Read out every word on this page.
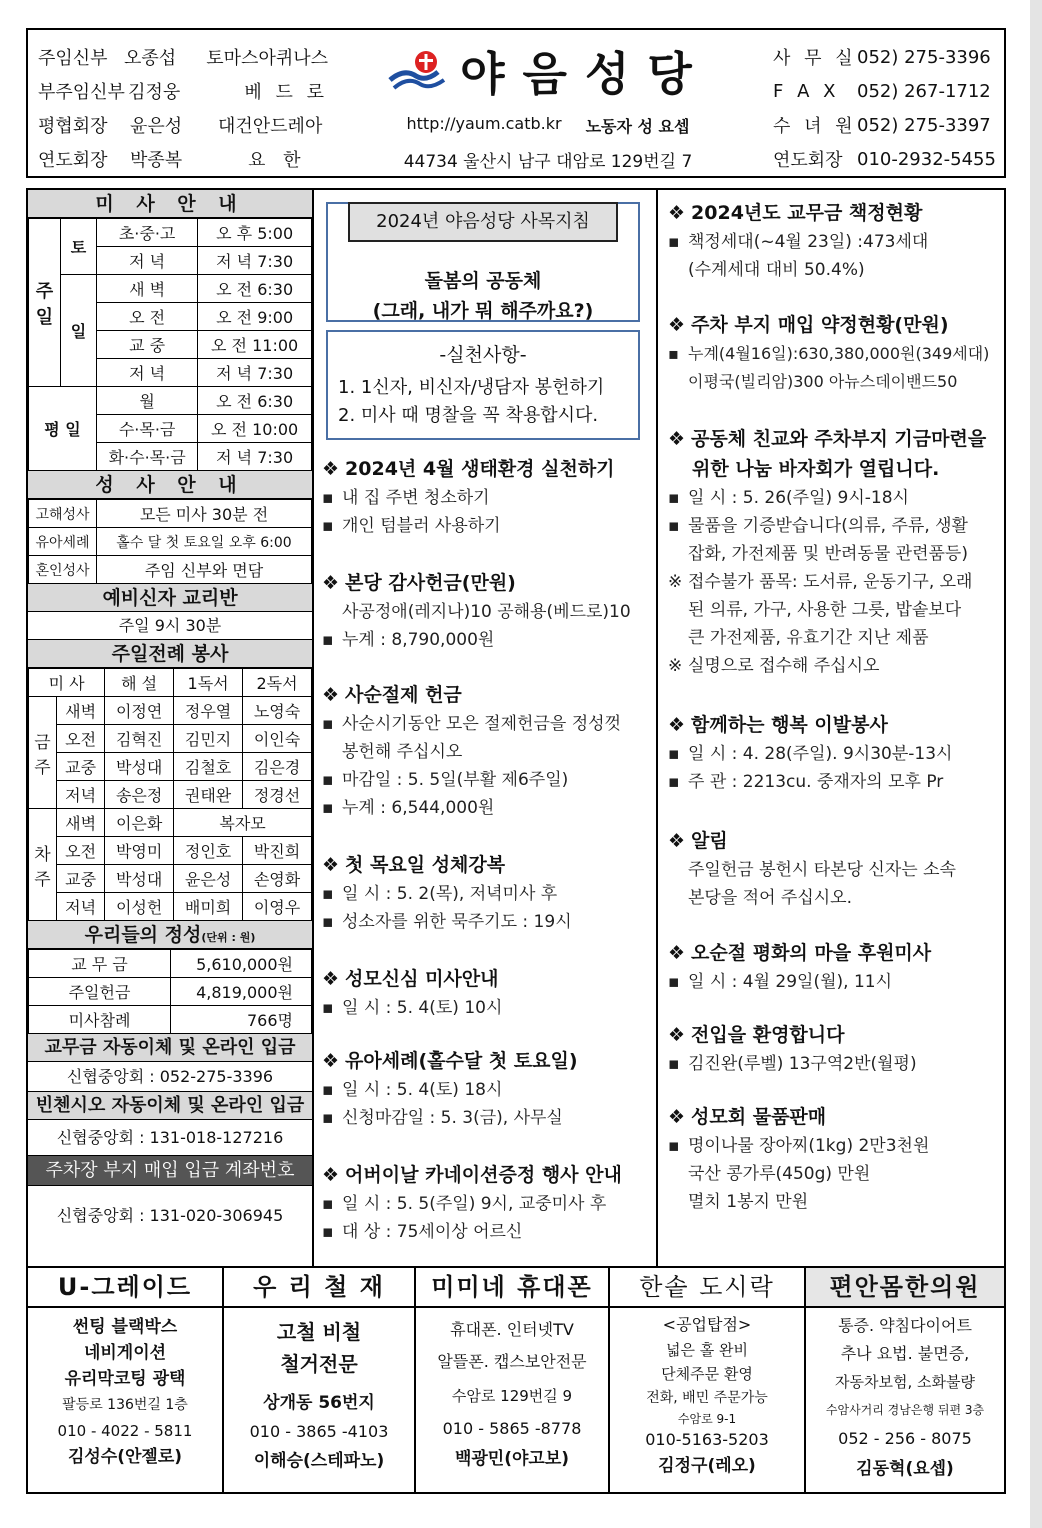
주임신부 오종섭	토마스아퀴나스
부주임신부 김정웅	베 드 로
평협회장	윤은성	대건안드레아
연도회장	박종복	요 한
야음성당
http://yaum.catb.kr 노동자 성 요셉
44734 울산시 남구 대암로 129번길 7
사 무 실 052) 275-3396
F A X 052) 267-1712
수 녀 원 052) 275-3397
연도회장 010-2932-5455
미 사 안 내
주일	토	초·중·고	오 후 5:00
		저 녁	저 녁 7:30
	일	새 벽	오 전 6:30
		오 전	오 전 9:00
		교 중	오 전 11:00
		저 녁	저 녁 7:30
평 일		월	오 전 6:30
		수·목·금	오 전 10:00
		화·수·목·금	저 녁 7:30
성 사 안 내
고해성사	모든 미사 30분 전
유아세례	홀수 달 첫 토요일 오후 6:00
혼인성사	주임 신부와 면담
예비신자 교리반
주일 9시 30분
주일전례 봉사
미 사		해 설	1독서	2독서
금주	새벽	이정연	정우열	노영숙
	오전	김혁진	김민지	이인숙
	교중	박성대	김철호	김은경
	저녁	송은정	권태완	정경선
차주	새벽	이은화	복자모	
	오전	박영미	정인호	박진희
	교중	박성대	윤은성	손영화
	저녁	이성헌	배미희	이영우
우리들의 정성(단위 : 원)
교 무 금	5,610,000원
주일헌금	4,819,000원
미사참례	766명
교무금 자동이체 및 온라인 입금
신협중앙회 : 052-275-3396
빈첸시오 자동이체 및 온라인 입금
신협중앙회 : 131-018-127216
주차장 부지 매입 입금 계좌번호
신협중앙회 : 131-020-306945
2024년 야음성당 사목지침
돌봄의 공동체
(그래, 내가 뭐 해주까요?)
-실천사항-
1. 1신자, 비신자/냉담자 봉헌하기
2. 미사 때 명찰을 꼭 착용합시다.
❖ 2024년 4월 생태환경 실천하기
▪ 내 집 주변 청소하기
▪ 개인 텀블러 사용하기
❖ 본당 감사헌금(만원)
사공정애(레지나)10 공해용(베드로)10
▪ 누계 : 8,790,000원
❖ 사순절제 헌금
▪ 사순시기동안 모은 절제헌금을 정성껏
봉헌해 주십시오
▪ 마감일 : 5. 5일(부활 제6주일)
▪ 누계 : 6,544,000원
❖ 첫 목요일 성체강복
▪ 일 시 : 5. 2(목), 저녁미사 후
▪ 성소자를 위한 묵주기도 : 19시
❖ 성모신심 미사안내
▪ 일 시 : 5. 4(토) 10시
❖ 유아세례(홀수달 첫 토요일)
▪ 일 시 : 5. 4(토) 18시
▪ 신청마감일 : 5. 3(금), 사무실
❖ 어버이날 카네이션증정 행사 안내
▪ 일 시 : 5. 5(주일) 9시, 교중미사 후
▪ 대 상 : 75세이상 어르신
❖ 2024년도 교무금 책정현황
▪ 책정세대(~4월 23일) :473세대
(수계세대 대비 50.4%)
❖ 주차 부지 매입 약정현황(만원)
▪ 누계(4월16일):630,380,000원(349세대)
이평국(빌리암)300 아뉴스데이밴드50
❖ 공동체 친교와 주차부지 기금마련을
위한 나눔 바자회가 열립니다.
▪ 일 시 : 5. 26(주일) 9시-18시
▪ 물품을 기증받습니다(의류, 주류, 생활
잡화, 가전제품 및 반려동물 관련품등)
※ 접수불가 품목: 도서류, 운동기구, 오래
된 의류, 가구, 사용한 그릇, 밥솥보다
큰 가전제품, 유효기간 지난 제품
※ 실명으로 접수해 주십시오
❖ 함께하는 행복 이발봉사
▪ 일 시 : 4. 28(주일). 9시30분-13시
▪ 주 관 : 2213cu. 중재자의 모후 Pr
❖ 알림
주일헌금 봉헌시 타본당 신자는 소속
본당을 적어 주십시오.
❖ 오순절 평화의 마을 후원미사
▪ 일 시 : 4월 29일(월), 11시
❖ 전입을 환영합니다
▪ 김진완(루벨) 13구역2반(월평)
❖ 성모회 물품판매
▪ 명이나물 장아찌(1kg) 2만3천원
국산 콩가루(450g) 만원
멸치 1봉지 만원
U-그레이드
썬팅 블랙박스
네비게이션
유리막코팅 광택
팔등로 136번길 1층
010 - 4022 - 5811
김성수(안젤로)
우 리 철 재
고철 비철
철거전문
상개동 56번지
010 - 3865 -4103
이해승(스테파노)
미미네 휴대폰
휴대폰. 인터넷TV
알뜰폰. 캡스보안전문
수암로 129번길 9
010 - 5865 -8778
백광민(야고보)
한솥 도시락
<공업탑점>
넓은 홀 완비
단체주문 환영
전화, 배민 주문가능
수암로 9-1
010-5163-5203
김정구(레오)
편안몸한의원
통증. 약침다이어트
추나 요법. 불면증,
자동차보험, 소화불량
수암사거리 경남은행 뒤편 3층
052 - 256 - 8075
김동혁(요셉)
